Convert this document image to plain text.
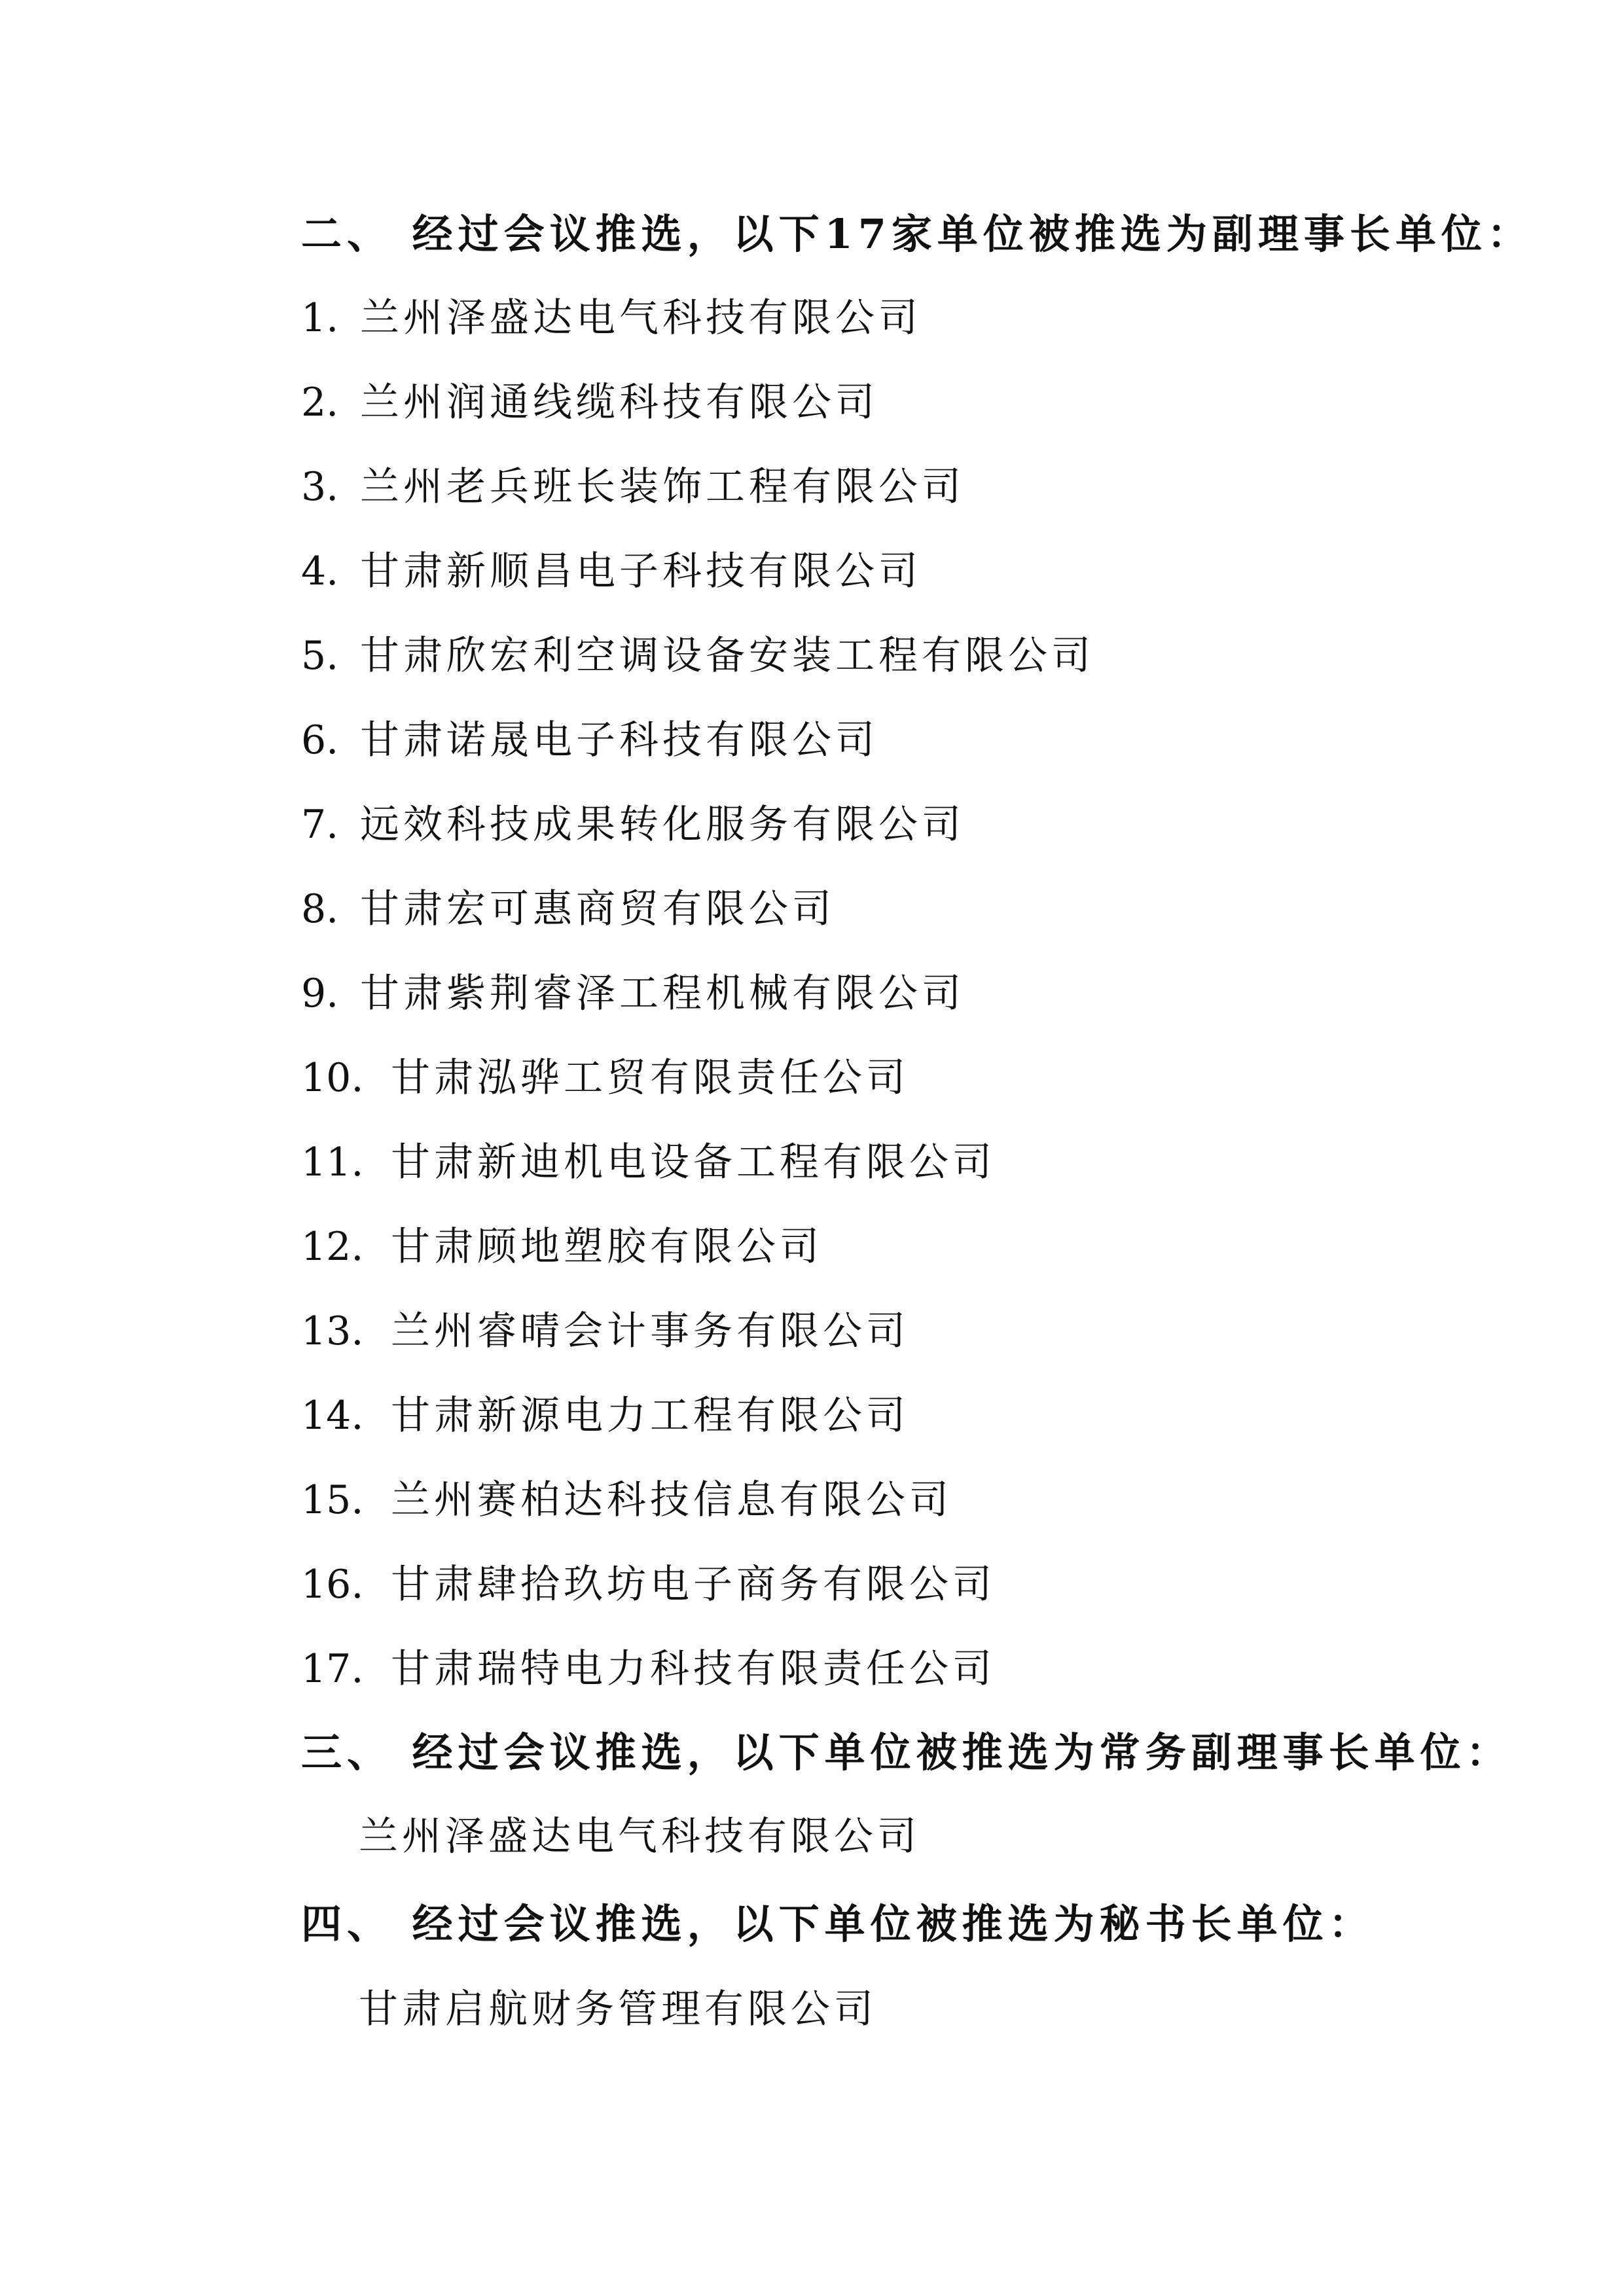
二、 经过会议推选，以下17家单位被推选为副理事长单位：
1. 兰州泽盛达电气科技有限公司
2. 兰州润通线缆科技有限公司
3. 兰州老兵班长装饰工程有限公司
4. 甘肃新顺昌电子科技有限公司
5. 甘肃欣宏利空调设备安装工程有限公司
6. 甘肃诺晟电子科技有限公司
7. 远效科技成果转化服务有限公司
8. 甘肃宏可惠商贸有限公司
9. 甘肃紫荆睿泽工程机械有限公司
10. 甘肃泓骅工贸有限责任公司
11. 甘肃新迪机电设备工程有限公司
12. 甘肃顾地塑胶有限公司
13. 兰州睿晴会计事务有限公司
14. 甘肃新源电力工程有限公司
15. 兰州赛柏达科技信息有限公司
16. 甘肃肆拾玖坊电子商务有限公司
17. 甘肃瑞特电力科技有限责任公司
三、 经过会议推选，以下单位被推选为常务副理事长单位：
兰州泽盛达电气科技有限公司
四、 经过会议推选，以下单位被推选为秘书长单位：
甘肃启航财务管理有限公司
